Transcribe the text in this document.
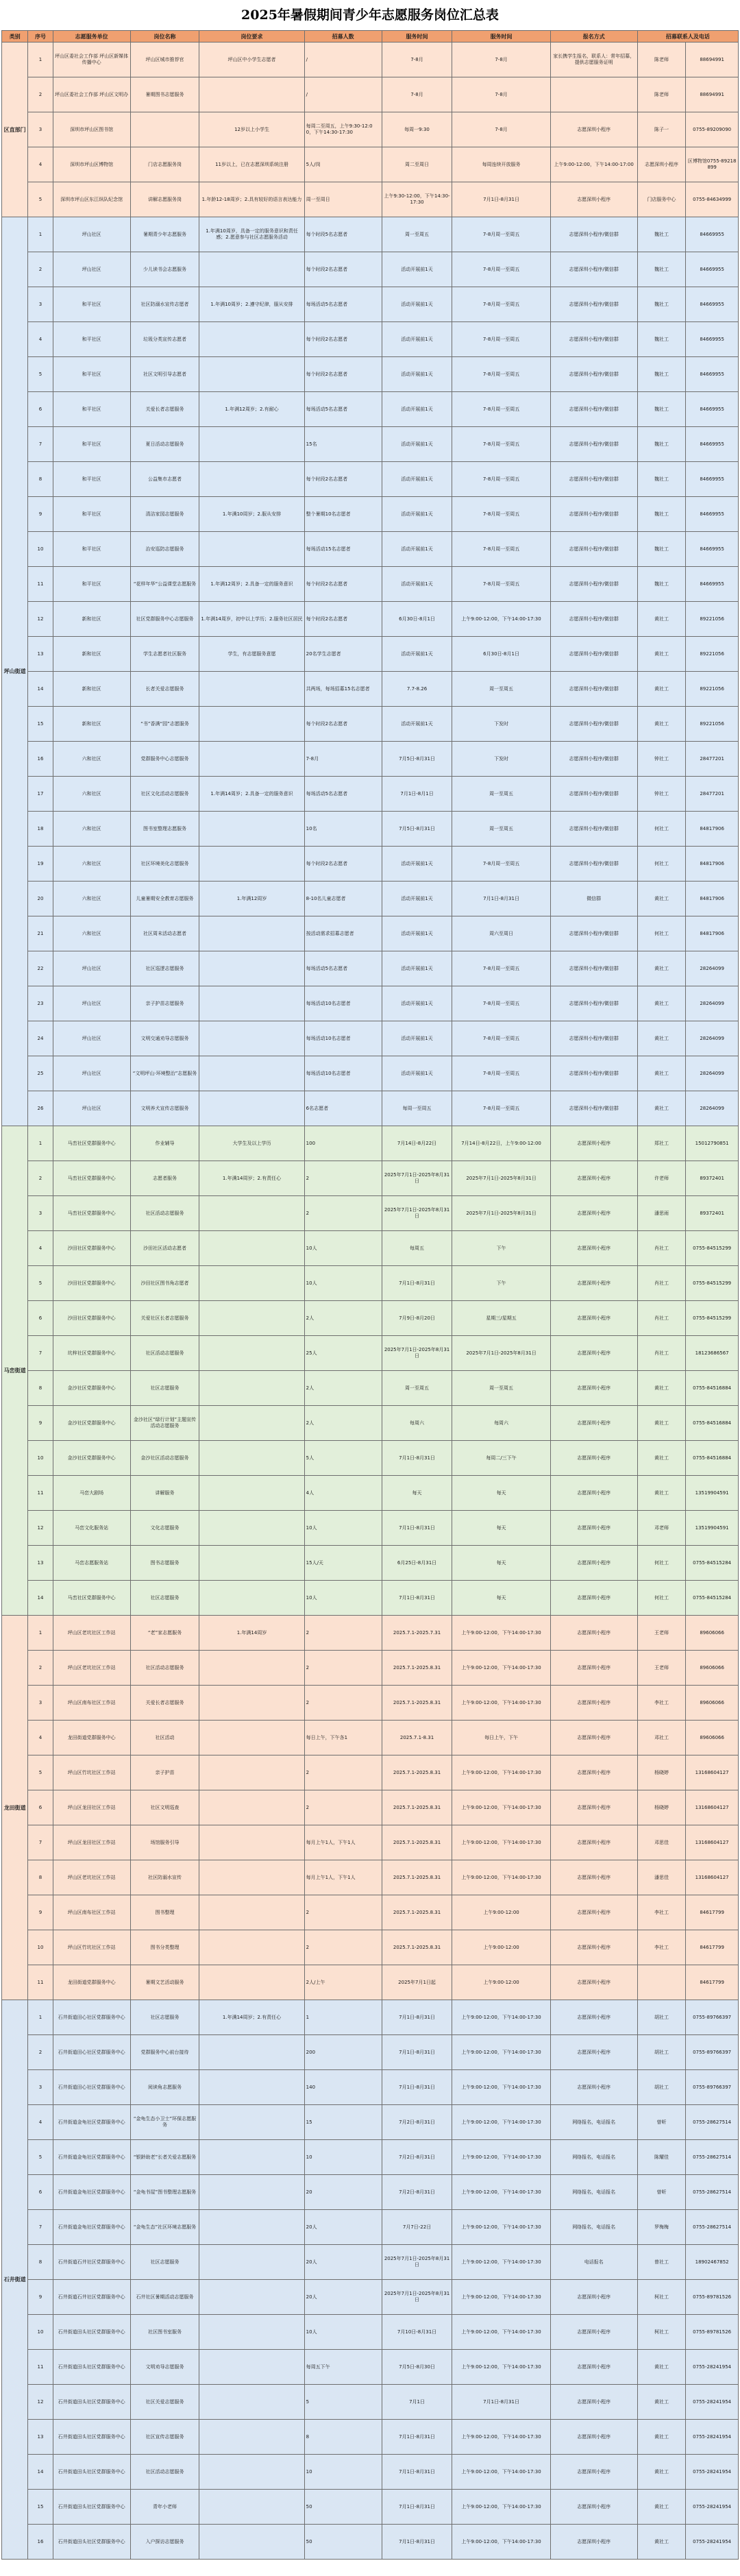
2025年暑假期间青少年志愿服务岗位汇总表
类别	序号	志愿服务单位	岗位名称	岗位要求	招募人数	服务时间	服务时间	报名方式	招募联系人及电话	
区直部门	1	坪山区委社会工作部 坪山区新媒体传播中心	坪山区城市推荐官	坪山区中小学生志愿者	/	7-8月	7-8月	家长携学生报名，联系人：常年招募，提供志愿服务证明	陈老师	88694991
	2	坪山区委社会工作部 坪山区文明办	暑期图书志愿服务		/	7-8月	7-8月		陈老师	88694991
	3	深圳市坪山区图书馆		12岁以上小学生	每周二至周五，上午9:30-12:00，下午14:30-17:30	每周一9:30	7-8月	志愿深圳小程序	陈子一	0755-89209090
	4	深圳市坪山区博物馆	门店志愿服务岗	11岁以上，已在志愿深圳系统注册	5人/岗	周二至周日	每周连续开放服务	上午9:00-12:00，下午14:00-17:00	志愿深圳小程序	区博物馆0755-89218899
	5	深圳市坪山区东江纵队纪念馆	讲解志愿服务岗	1.年龄12-18周岁；2.具有较好的语言表达能力	周一至周日	上午9:30-12:00，下午14:30-17:30	7月1日-8月31日	志愿深圳小程序	门店服务中心	0755-84634999
坪山街道	1	坪山社区	暑期青少年志愿服务	1.年满10周岁，具备一定的服务意识和责任感；2.愿意参与社区志愿服务活动	每个时段5名志愿者	周一至周五	7-8月周一至周五	志愿深圳小程序/微信群	魏社工	84669955
	2	坪山社区	少儿读书会志愿服务		每个时段2名志愿者	活动开展前1天	7-8月周一至周五	志愿深圳小程序/微信群	魏社工	84669955
	3	和平社区	社区防溺水宣传志愿者	1.年满10周岁；2.遵守纪律，服从安排	每场活动5名志愿者	活动开展前1天	7-8月周一至周五	志愿深圳小程序/微信群	魏社工	84669955
	4	和平社区	垃圾分类宣传志愿者		每个时段2名志愿者	活动开展前1天	7-8月周一至周五	志愿深圳小程序/微信群	魏社工	84669955
	5	和平社区	社区文明引导志愿者		每个时段2名志愿者	活动开展前1天	7-8月周一至周五	志愿深圳小程序/微信群	魏社工	84669955
	6	和平社区	关爱长者志愿服务	1.年满12周岁；2.有耐心	每场活动5名志愿者	活动开展前1天	7-8月周一至周五	志愿深圳小程序/微信群	魏社工	84669955
	7	和平社区	夏日活动志愿服务		15名	活动开展前1天	7-8月周一至周五	志愿深圳小程序/微信群	魏社工	84669955
	8	和平社区	公益集市志愿者		每个时段2名志愿者	活动开展前1天	7-8月周一至周五	志愿深圳小程序/微信群	魏社工	84669955
	9	和平社区	清洁家园志愿服务	1.年满10周岁；2.服从安排	整个暑期10名志愿者	活动开展前1天	7-8月周一至周五	志愿深圳小程序/微信群	魏社工	84669955
	10	和平社区	治安巡防志愿服务		每场活动15名志愿者	活动开展前1天	7-8月周一至周五	志愿深圳小程序/微信群	魏社工	84669955
	11	和平社区	“花样年华”公益课堂志愿服务	1.年满12周岁；2.具备一定的服务意识	每个时段2名志愿者	活动开展前1天	7-8月周一至周五	志愿深圳小程序/微信群	魏社工	84669955
	12	新和社区	社区党群服务中心志愿服务	1.年满14周岁，初中以上学历；2.服务社区居民	每个时段2名志愿者	6月30日-8月1日	上午9:00-12:00，下午14:00-17:30	志愿深圳小程序/微信群	黄社工	89221056
	13	新和社区	学生志愿者社区服务	学生，有志愿服务意愿	20名学生志愿者	活动开展前1天	6月30日-8月1日	志愿深圳小程序/微信群	黄社工	89221056
	14	新和社区	长者关爱志愿服务		共两场，每场招募15名志愿者	7.7-8.26	周一至周五	志愿深圳小程序/微信群	黄社工	89221056
	15	新和社区	“书”香满“园”志愿服务		每个时段2名志愿者	活动开展前1天	下发时	志愿深圳小程序/微信群	黄社工	89221056
	16	六和社区	党群服务中心志愿服务		7-8月	7月5日-8月31日	下发时	志愿深圳小程序/微信群	钟社工	28477201
	17	六和社区	社区文化活动志愿服务	1.年满14周岁；2.具备一定的服务意识	每场活动5名志愿者	7月1日-8月1日	周一至周五	志愿深圳小程序/微信群	钟社工	28477201
	18	六和社区	图书室整理志愿服务		10名	7月5日-8月31日	周一至周五	志愿深圳小程序/微信群	何社工	84817906
	19	六和社区	社区环境美化志愿服务		每个时段2名志愿者	活动开展前1天	7-8月周一至周五	志愿深圳小程序/微信群	何社工	84817906
	20	六和社区	儿童暑期安全教育志愿服务	1.年满12周岁	8-10名儿童志愿者	活动开展前1天	7月1日-8月31日	微信群	黄社工	84817906
	21	六和社区	社区周末活动志愿者		按活动需求招募志愿者	活动开展前1天	周六至周日	志愿深圳小程序/微信群	何社工	84817906
	22	坪山社区	社区巡逻志愿服务		每场活动5名志愿者	活动开展前1天	7-8月周一至周五	志愿深圳小程序/微信群	黄社工	28264099
	23	坪山社区	亲子护苗志愿服务		每场活动10名志愿者	活动开展前1天	7-8月周一至周五	志愿深圳小程序/微信群	黄社工	28264099
	24	坪山社区	文明交通劝导志愿服务		每场活动10名志愿者	活动开展前1天	7-8月周一至周五	志愿深圳小程序/微信群	黄社工	28264099
	25	坪山社区	“文明坪山·环境整治”志愿服务		每场活动10名志愿者	活动开展前1天	7-8月周一至周五	志愿深圳小程序/微信群	黄社工	28264099
	26	坪山社区	文明养犬宣传志愿服务		6名志愿者	每周一至周五	7-8月周一至周五	志愿深圳小程序/微信群	黄社工	28264099
马峦街道	1	马峦社区党群服务中心	作业辅导	大学生及以上学历	100	7月14日-8月22日	7月14日-8月22日，上午9:00-12:00	志愿深圳小程序	郑社工	15012790851
	2	马峦社区党群服务中心	志愿者服务	1.年满14周岁；2.有责任心	2	2025年7月1日-2025年8月31日	2025年7月1日-2025年8月31日	志愿深圳小程序	许老师	89372401
	3	马峦社区党群服务中心	社区活动志愿服务		2	2025年7月1日-2025年8月31日	2025年7月1日-2025年8月31日	志愿深圳小程序	潘思雨	89372401
	4	沙田社区党群服务中心	沙田社区活动志愿者		10人	每周五	下午	志愿深圳小程序	肖社工	0755-84515299
	5	沙田社区党群服务中心	沙田社区图书角志愿者		10人	7月1日-8月31日	下午	志愿深圳小程序	肖社工	0755-84515299
	6	沙田社区党群服务中心	关爱社区长者志愿服务		2人	7月9日-8月20日	星期三/星期五	志愿深圳小程序	肖社工	0755-84515299
	7	坑梓社区党群服务中心	社区活动志愿服务		25人	2025年7月1日-2025年8月31日	2025年7月1日-2025年8月31日	志愿深圳小程序	肖社工	18123686567
	8	金沙社区党群服务中心	社区志愿服务		2人	周一至周五	周一至周五	志愿深圳小程序	黄社工	0755-84516884
	9	金沙社区党群服务中心	金沙社区“绿行计划”主题宣传活动志愿服务		2人	每周六	每周六	志愿深圳小程序	黄社工	0755-84516884
	10	金沙社区党群服务中心	金沙社区活动志愿服务		5人	7月1日-8月31日	每周二/三下午	志愿深圳小程序	黄社工	0755-84516884
	11	马峦大剧场	讲解服务		4人	每天	每天	志愿深圳小程序	黄社工	13519904591
	12	马峦文化服务站	文化志愿服务		10人	7月1日-8月31日	每天	志愿深圳小程序	邓老师	13519904591
	13	马峦志愿服务站	图书志愿服务		15人/天	6月25日-8月31日	每天	志愿深圳小程序	何社工	0755-84515284
	14	马峦社区党群服务中心	社区志愿服务		10人	7月1日-8月31日	每天	志愿深圳小程序	何社工	0755-84515284
龙田街道	1	坪山区老坑社区工作站	“老”家志愿服务	1.年满14周岁	2	2025.7.1-2025.7.31	上午9:00-12:00，下午14:00-17:30	志愿深圳小程序	王老师	89606066
	2	坪山区老坑社区工作站	社区活动志愿服务		2	2025.7.1-2025.8.31	上午9:00-12:00，下午14:00-17:30	志愿深圳小程序	王老师	89606066
	3	坪山区南布社区工作站	关爱长者志愿服务		2	2025.7.1-2025.8.31	上午9:00-12:00，下午14:00-17:30	志愿深圳小程序	李社工	89606066
	4	龙田街道党群服务中心	社区活动		每日上午，下午各1	2025.7.1-8.31	每日上午，下午	志愿深圳小程序	邓社工	89606066
	5	坪山区竹坑社区工作站	亲子护苗		2	2025.7.1-2025.8.31	上午9:00-12:00，下午14:00-17:30	志愿深圳小程序	杨晓婷	13168604127
	6	坪山区龙田社区工作站	社区文明巡查		2	2025.7.1-2025.8.31	上午9:00-12:00，下午14:00-17:30	志愿深圳小程序	杨晓婷	13168604127
	7	坪山区龙田社区工作站	场馆服务引导		每月上午1人，下午1人	2025.7.1-2025.8.31	上午9:00-12:00，下午14:00-17:30	志愿深圳小程序	邓思佳	13168604127
	8	坪山区老坑社区工作站	社区防溺水宣传		每月上午1人，下午1人	2025.7.1-2025.8.31	上午9:00-12:00，下午14:00-17:30	志愿深圳小程序	潘思佳	13168604127
	9	坪山区南布社区工作站	图书整理		2	2025.7.1-2025.8.31	上午9:00-12:00	志愿深圳小程序	李社工	84617799
	10	坪山区竹坑社区工作站	图书分类整理		2	2025.7.1-2025.8.31	上午9:00-12:00	志愿深圳小程序	李社工	84617799
	11	龙田街道党群服务中心	暑期文艺活动服务		2人/上午	2025年7月1日起	上午9:00-12:00	志愿深圳小程序		84617799
石井街道	1	石井街道田心社区党群服务中心	社区志愿服务	1.年满14周岁；2.有责任心	1	7月1日-8月31日	上午9:00-12:00，下午14:00-17:30	志愿深圳小程序	胡社工	0755-89766397
	2	石井街道田心社区党群服务中心	党群服务中心前台接待		200	7月1日-8月31日	上午9:00-12:00，下午14:00-17:30	志愿深圳小程序	胡社工	0755-89766397
	3	石井街道田心社区党群服务中心	阅读角志愿服务		140	7月1日-8月31日	上午9:00-12:00，下午14:00-17:30	志愿深圳小程序	胡社工	0755-89766397
	4	石井街道金龟社区党群服务中心	“金龟生态小卫士”环保志愿服务		15	7月2日-8月31日	上午9:00-12:00，下午14:00-17:30	网络报名，电话报名	曾昕	0755-28627514
	5	石井街道金龟社区党群服务中心	“银龄助老”长者关爱志愿服务		10	7月2日-8月31日	上午9:00-12:00，下午14:00-17:30	网络报名，电话报名	陈耀佳	0755-28627514
	6	石井街道金龟社区党群服务中心	“金龟书屋”图书整理志愿服务		20	7月2日-8月31日	上午9:00-12:00，下午14:00-17:30	网络报名，电话报名	曾昕	0755-28627514
	7	石井街道金龟社区党群服务中心	“金龟生态”社区环境志愿服务		20人	7月7日-22日	上午9:00-12:00，下午14:00-17:30	网络报名，电话报名	罗梅梅	0755-28627514
	8	石井街道石井社区党群服务中心	社区志愿服务		20人	2025年7月1日-2025年8月31日	上午9:00-12:00，下午14:00-17:30	电话报名	曾社工	18902467852
	9	石井街道石井社区党群服务中心	石井社区暑期活动志愿服务		20人	2025年7月1日-2025年8月31日	上午9:00-12:00，下午14:00-17:30	志愿深圳小程序	柯社工	0755-89781526
	10	石井街道田头社区党群服务中心	社区图书室服务		10人	7月10日-8月31日	上午9:00-12:00，下午14:00-17:30	志愿深圳小程序	柯社工	0755-89781526
	11	石井街道田头社区党群服务中心	文明劝导志愿服务		每周五下午	7月5日-8月30日	上午9:00-12:00，下午14:00-17:30	志愿深圳小程序	黄社工	0755-28241954
	12	石井街道田头社区党群服务中心	社区关爱志愿服务		5	7月1日	7月1日-8月31日	志愿深圳小程序	黄社工	0755-28241954
	13	石井街道田头社区党群服务中心	社区宣传志愿服务		8	7月1日-8月31日	上午9:00-12:00，下午14:00-17:30	志愿深圳小程序	黄社工	0755-28241954
	14	石井街道田头社区党群服务中心	社区活动志愿服务		10	7月1日-8月31日	上午9:00-12:00，下午14:00-17:30	志愿深圳小程序	黄社工	0755-28241954
	15	石井街道田头社区党群服务中心	青年小老师		50	7月1日-8月31日	上午9:00-12:00，下午14:00-17:30	志愿深圳小程序	黄社工	0755-28241954
	16	石井街道田头社区党群服务中心	入户探访志愿服务		50	7月1日-8月31日	上午9:00-12:00，下午14:00-17:30	志愿深圳小程序	黄社工	0755-28241954
